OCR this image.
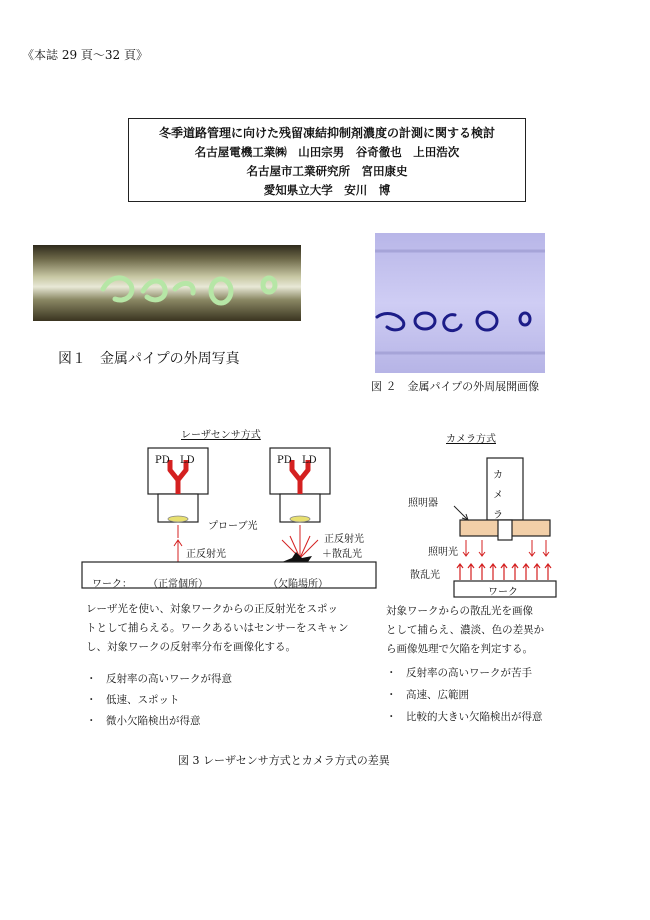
《本誌 29 頁〜32 頁》
冬季道路管理に向けた残留凍結抑制剤濃度の計測に関する検討
名古屋電機工業㈱　山田宗男　谷奇徹也　上田浩次
名古屋市工業研究所　宮田康史
愛知県立大学　安川　博
図１　金属パイプの外周写真
図 ２　金属パイプの外周展開画像
レーザセンサ方式
PD LD	PD LD
プローブ光
正反射光
正反射光
＋散乱光
ワーク： （正常個所）	（欠陥場所）
レーザ光を使い、対象ワークからの正反射光をスポッ
トとして捕らえる。ワークあるいはセンサーをスキャン
し、対象ワークの反射率分布を画像化する。
・ 反射率の高いワークが得意
・ 低速、スポット
・ 微小欠陥検出が得意
カメラ方式
カ
メ
ラ
照明器
照明光
散乱光
ワーク
対象ワークからの散乱光を画像
として捕らえ、濃淡、色の差異か
ら画像処理で欠陥を判定する。
・ 反射率の高いワークが苦手
・ 高速、広範囲
・ 比較的大きい欠陥検出が得意
図 3 レーザセンサ方式とカメラ方式の差異
